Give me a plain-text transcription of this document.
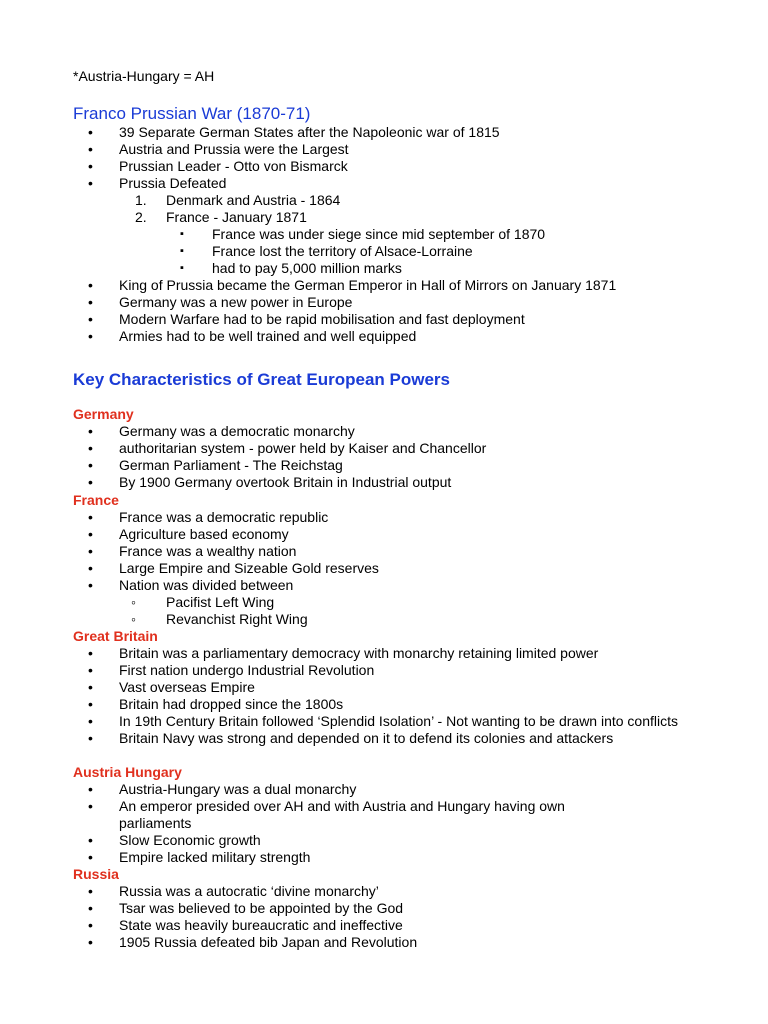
*Austria-Hungary = AH
Franco Prussian War (1870-71)
• 39 Separate German States after the Napoleonic war of 1815
• Austria and Prussia were the Largest
• Prussian Leader - Otto von Bismarck
• Prussia Defeated
1. Denmark and Austria - 1864
2. France - January 1871
▪ France was under siege since mid september of 1870
▪ France lost the territory of Alsace-Lorraine
▪ had to pay 5,000 million marks
• King of Prussia became the German Emperor in Hall of Mirrors on January 1871
• Germany was a new power in Europe
• Modern Warfare had to be rapid mobilisation and fast deployment
• Armies had to be well trained and well equipped
Key Characteristics of Great European Powers
Germany
• Germany was a democratic monarchy
• authoritarian system - power held by Kaiser and Chancellor
• German Parliament - The Reichstag
• By 1900 Germany overtook Britain in Industrial output
France
• France was a democratic republic
• Agriculture based economy
• France was a wealthy nation
• Large Empire and Sizeable Gold reserves
• Nation was divided between
◦ Pacifist Left Wing
◦ Revanchist Right Wing
Great Britain
• Britain was a parliamentary democracy with monarchy retaining limited power
• First nation undergo Industrial Revolution
• Vast overseas Empire
• Britain had dropped since the 1800s
• In 19th Century Britain followed ‘Splendid Isolation’ - Not wanting to be drawn into conflicts
• Britain Navy was strong and depended on it to defend its colonies and attackers
Austria Hungary
• Austria-Hungary was a dual monarchy
• An emperor presided over AH and with Austria and Hungary having own parliaments
• Slow Economic growth
• Empire lacked military strength
Russia
• Russia was a autocratic ‘divine monarchy’
• Tsar was believed to be appointed by the God
• State was heavily bureaucratic and ineffective
• 1905 Russia defeated bib Japan and Revolution
